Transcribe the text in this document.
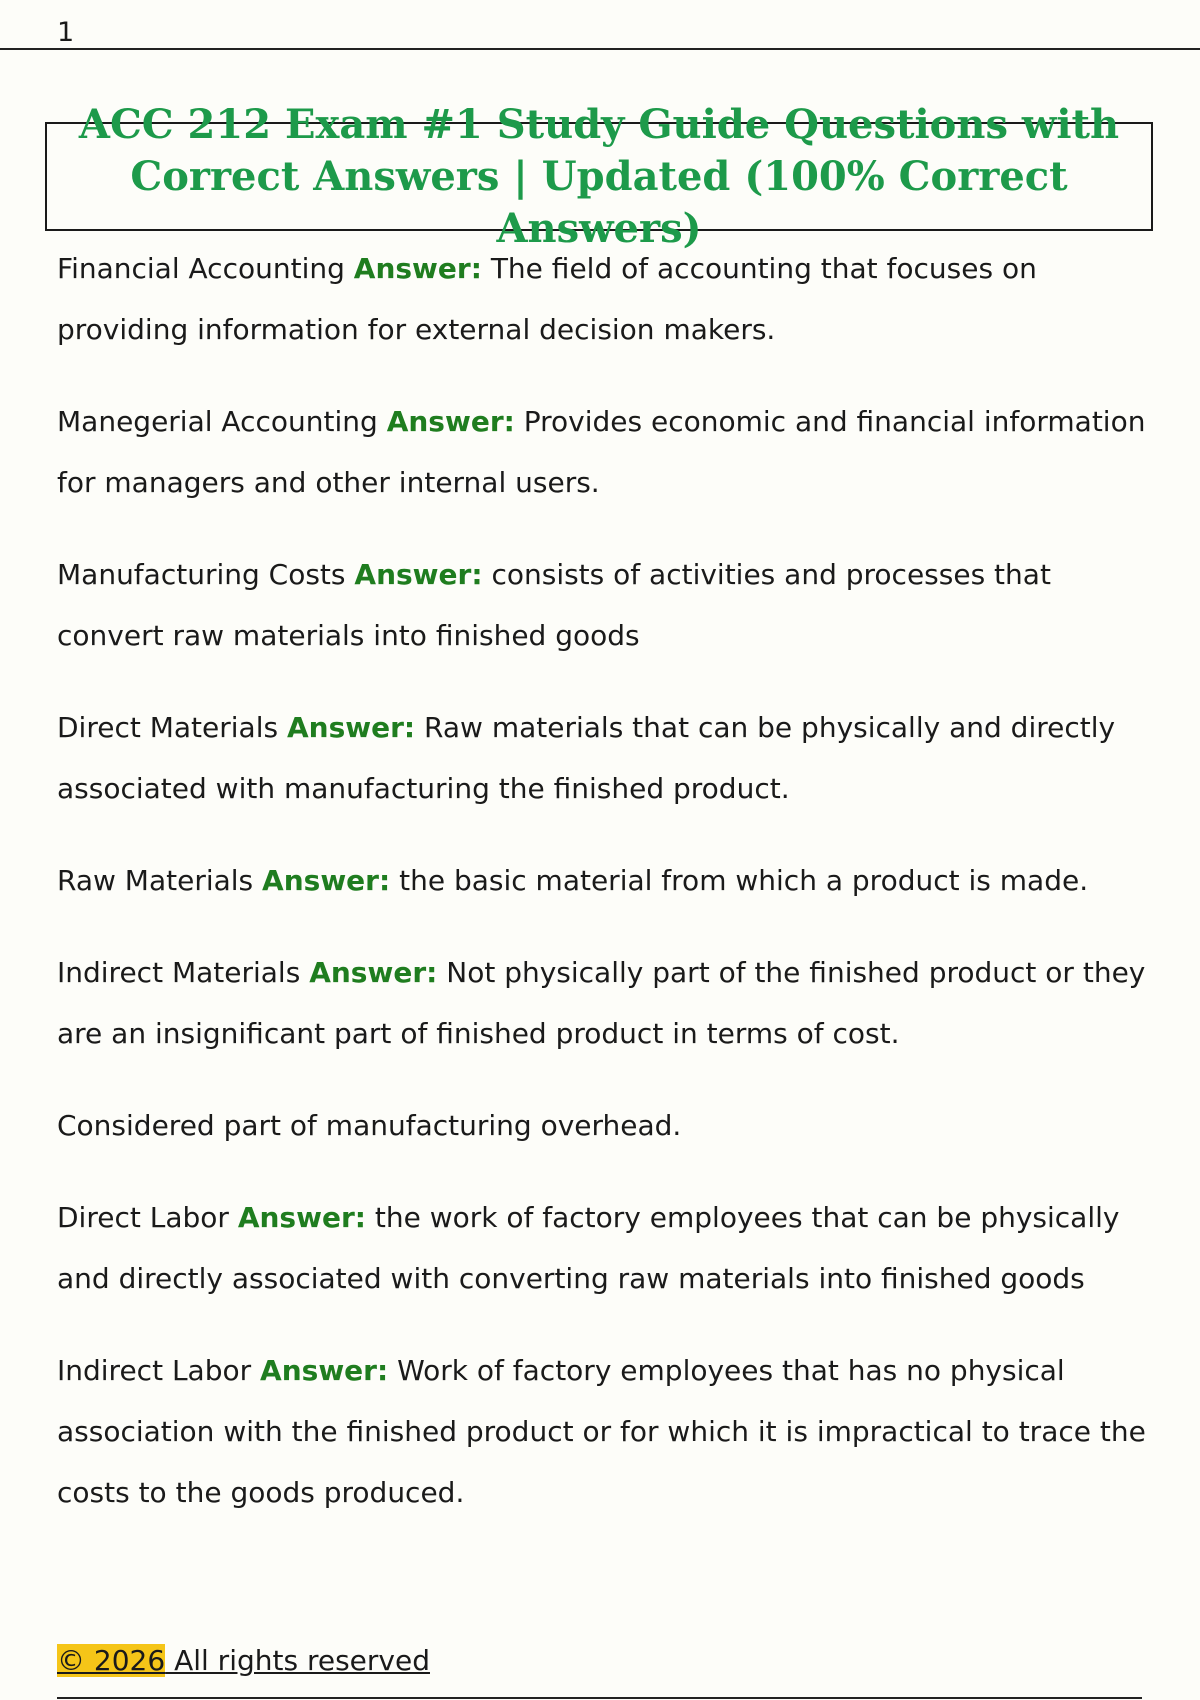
1
ACC 212 Exam #1 Study Guide Questions with
Correct Answers | Updated (100% Correct Answers)

Financial Accounting Answer: The field of accounting that focuses on providing information for external decision makers.

Manegerial Accounting Answer: Provides economic and financial information for managers and other internal users.

Manufacturing Costs Answer: consists of activities and processes that convert raw materials into finished goods

Direct Materials Answer: Raw materials that can be physically and directly associated with manufacturing the finished product.

Raw Materials Answer: the basic material from which a product is made.

Indirect Materials Answer: Not physically part of the finished product or they are an insignificant part of finished product in terms of cost.

Considered part of manufacturing overhead.

Direct Labor Answer: the work of factory employees that can be physically and directly associated with converting raw materials into finished goods

Indirect Labor Answer: Work of factory employees that has no physical association with the finished product or for which it is impractical to trace the costs to the goods produced.

© 2026 All rights reserved
